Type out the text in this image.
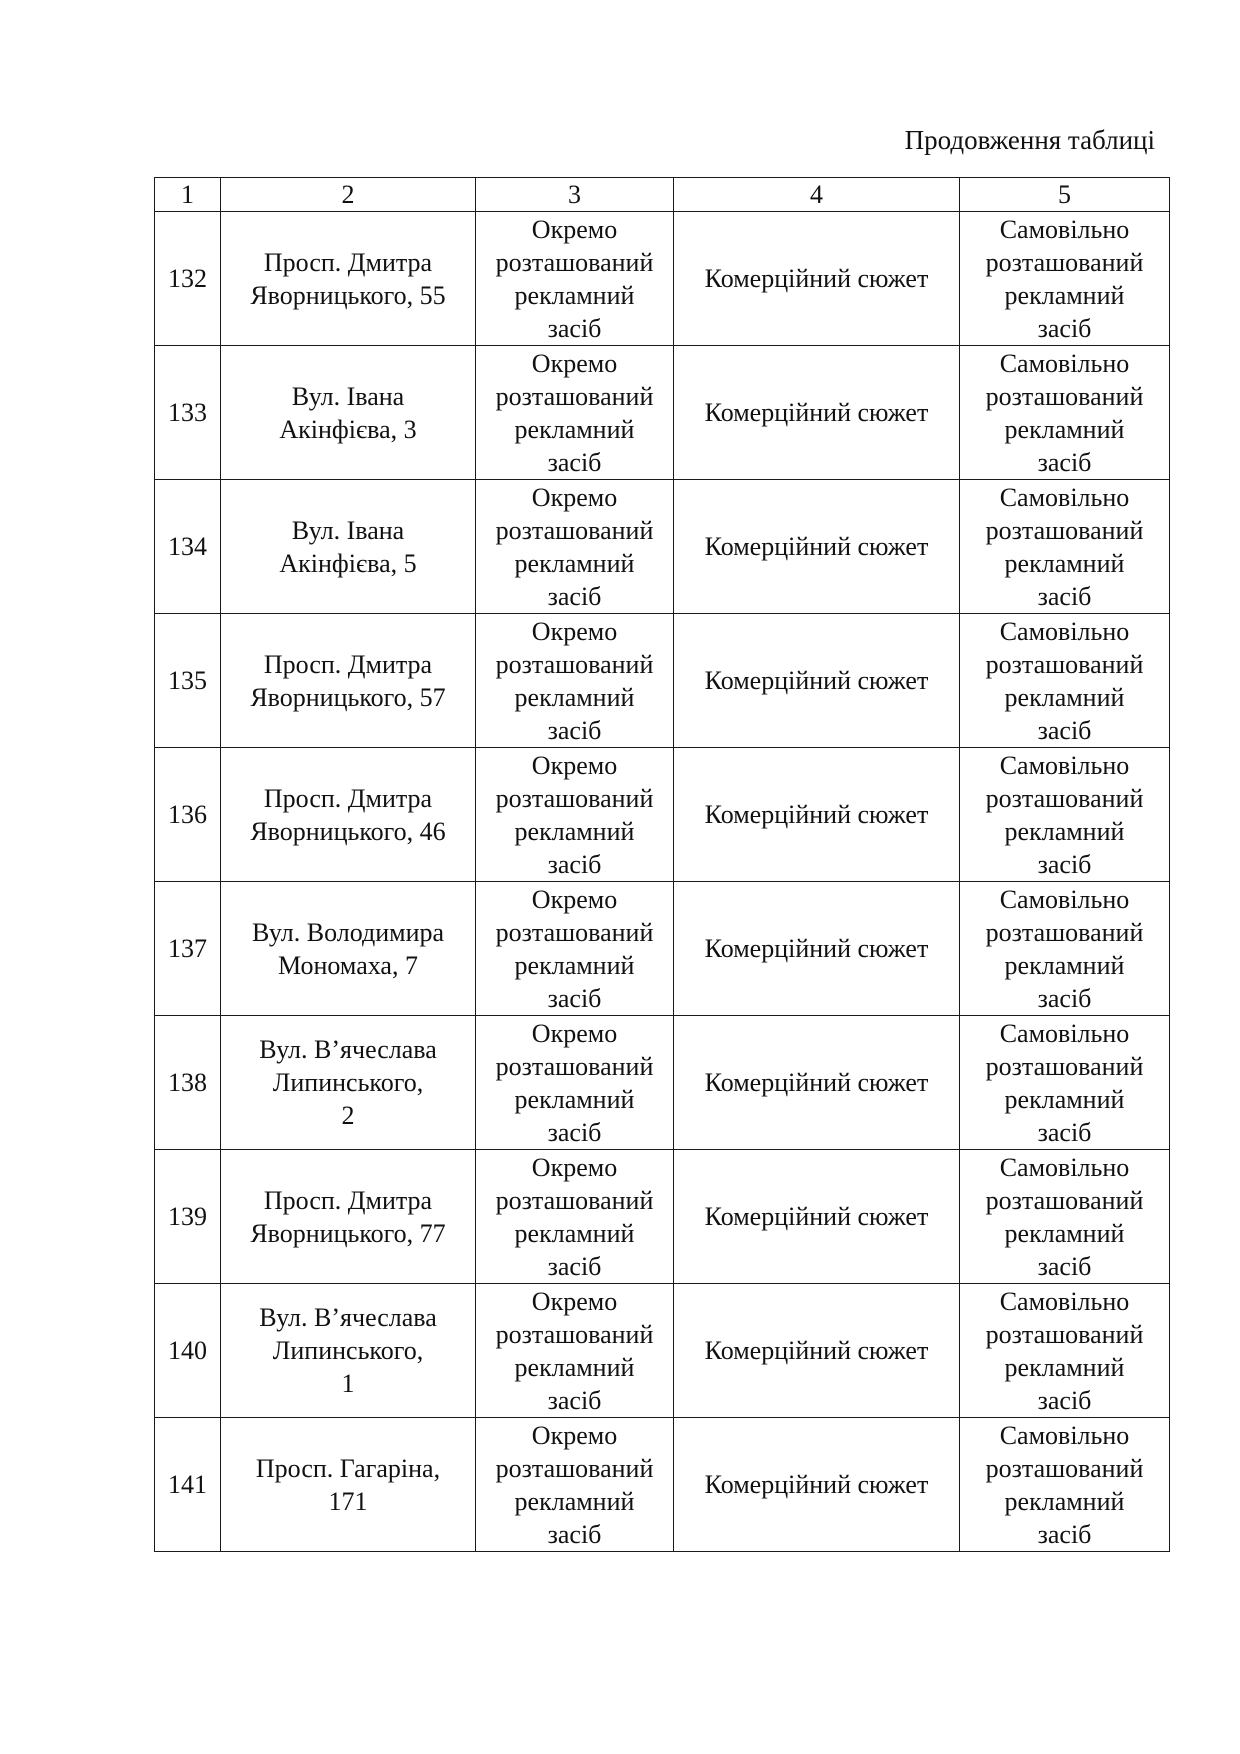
Продовження таблиці
1	2	3	4	5

132	Просп. Дмитра
Яворницького, 55	Окремо
розташований
рекламний
засіб	Комерційний сюжет	Самовільно
розташований
рекламний
засіб

133	Вул. Івана
Акінфієва, 3	Окремо
розташований
рекламний
засіб	Комерційний сюжет	Самовільно
розташований
рекламний
засіб

134	Вул. Івана
Акінфієва, 5	Окремо
розташований
рекламний
засіб	Комерційний сюжет	Самовільно
розташований
рекламний
засіб

135	Просп. Дмитра
Яворницького, 57	Окремо
розташований
рекламний
засіб	Комерційний сюжет	Самовільно
розташований
рекламний
засіб

136	Просп. Дмитра
Яворницького, 46	Окремо
розташований
рекламний
засіб	Комерційний сюжет	Самовільно
розташований
рекламний
засіб

137	Вул. Володимира
Мономаха, 7	Окремо
розташований
рекламний
засіб	Комерційний сюжет	Самовільно
розташований
рекламний
засіб

138	Вул. В’ячеслава
Липинського,
2	Окремо
розташований
рекламний
засіб	Комерційний сюжет	Самовільно
розташований
рекламний
засіб

139	Просп. Дмитра
Яворницького, 77	Окремо
розташований
рекламний
засіб	Комерційний сюжет	Самовільно
розташований
рекламний
засіб

140	Вул. В’ячеслава
Липинського,
1	Окремо
розташований
рекламний
засіб	Комерційний сюжет	Самовільно
розташований
рекламний
засіб

141	Просп. Гагаріна,
171	Окремо
розташований
рекламний
засіб	Комерційний сюжет	Самовільно
розташований
рекламний
засіб
